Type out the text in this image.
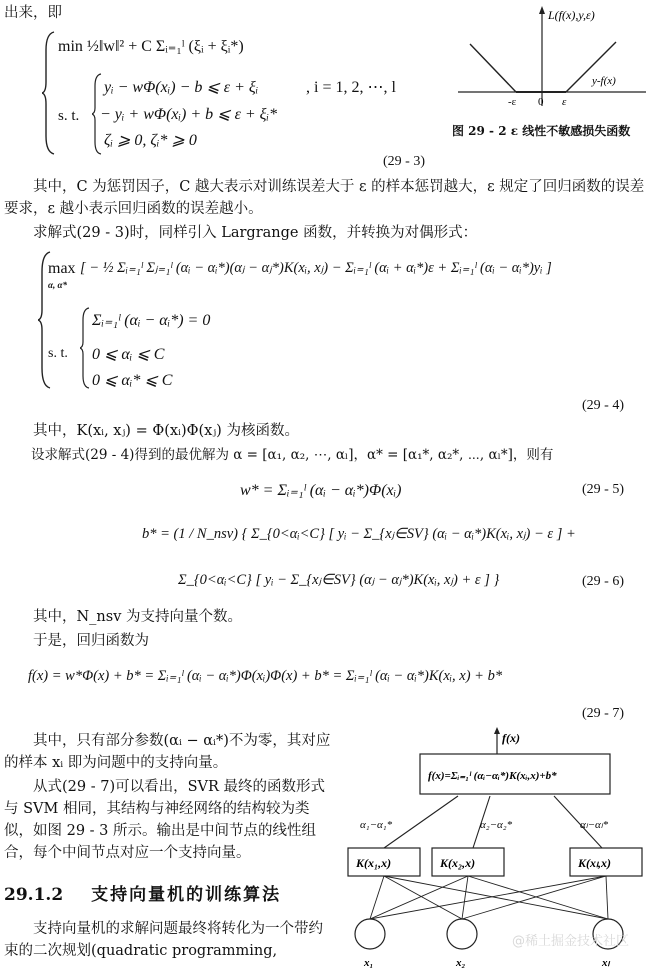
出来，即
min ½‖w‖² + C Σᵢ₌₁ˡ (ξᵢ + ξᵢ*)
s. t.
yᵢ − wΦ(xᵢ) − b ⩽ ε + ξᵢ	, i = 1, 2, ⋯, l
− yᵢ + wΦ(xᵢ) + b ⩽ ε + ξᵢ*
ζᵢ ⩾ 0, ζᵢ* ⩾ 0
(29 - 3)
L(f(x),y,ε)
y-f(x)
-ε 0 ε
图 29 - 2 ε 线性不敏感损失函数
其中，C 为惩罚因子，C 越大表示对训练误差大于 ε 的样本惩罚越大，ε 规定了回归函数的误差要求，ε 越小表示回归函数的误差越小。
求解式(29 - 3)时，同样引入 Largrange 函数，并转换为对偶形式：
max
α, α*
[ − ½ Σᵢ₌₁ˡ Σⱼ₌₁ˡ (αᵢ − αᵢ*)(αⱼ − αⱼ*)K(xᵢ, xⱼ) − Σᵢ₌₁ˡ (αᵢ + αᵢ*)ε + Σᵢ₌₁ˡ (αᵢ − αᵢ*)yᵢ ]
s. t.
Σᵢ₌₁ˡ (αᵢ − αᵢ*) = 0
0 ⩽ αᵢ ⩽ C
0 ⩽ αᵢ* ⩽ C
(29 - 4)
其中，K(xᵢ, xⱼ) = Φ(xᵢ)Φ(xⱼ) 为核函数。
设求解式(29 - 4)得到的最优解为 α = [α₁, α₂, ⋯, αₗ]，α* = [α₁*, α₂*, ⋯, αₗ*]，则有
w* = Σᵢ₌₁ˡ (αᵢ − αᵢ*)Φ(xᵢ)	(29 - 5)
b* = (1 / N_nsv) { Σ_{0<αᵢ<C} [ yᵢ − Σ_{xⱼ∈SV} (αᵢ − αᵢ*)K(xᵢ, xⱼ) − ε ] +
Σ_{0<αᵢ<C} [ yᵢ − Σ_{xⱼ∈SV} (αⱼ − αⱼ*)K(xᵢ, xⱼ) + ε ] }	(29 - 6)
其中，N_nsv 为支持向量个数。
于是，回归函数为
f(x) = w*Φ(x) + b* = Σᵢ₌₁ˡ (αᵢ − αᵢ*)Φ(xᵢ)Φ(x) + b* = Σᵢ₌₁ˡ (αᵢ − αᵢ*)K(xᵢ, x) + b*
(29 - 7)
其中，只有部分参数(αᵢ − αᵢ*)不为零，其对应的样本 xᵢ 即为问题中的支持向量。
从式(29 - 7)可以看出，SVR 最终的函数形式与 SVM 相同，其结构与神经网络的结构较为类似，如图 29 - 3 所示。输出是中间节点的线性组合，每个中间节点对应一个支持向量。
29.1.2 支持向量机的训练算法
支持向量机的求解问题最终将转化为一个带约束的二次规划(quadratic programming,
f(x)
f(x)=Σᵢ₌₁ˡ (αᵢ−αᵢ*)K(xᵢ,x)+b*
α₁−α₁*	α₂−α₂*	αₗ−αₗ*
K(x₁,x)	K(x₂,x)	K(xₗ,x)
x₁	x₂	xₗ
@稀土掘金技术社区
